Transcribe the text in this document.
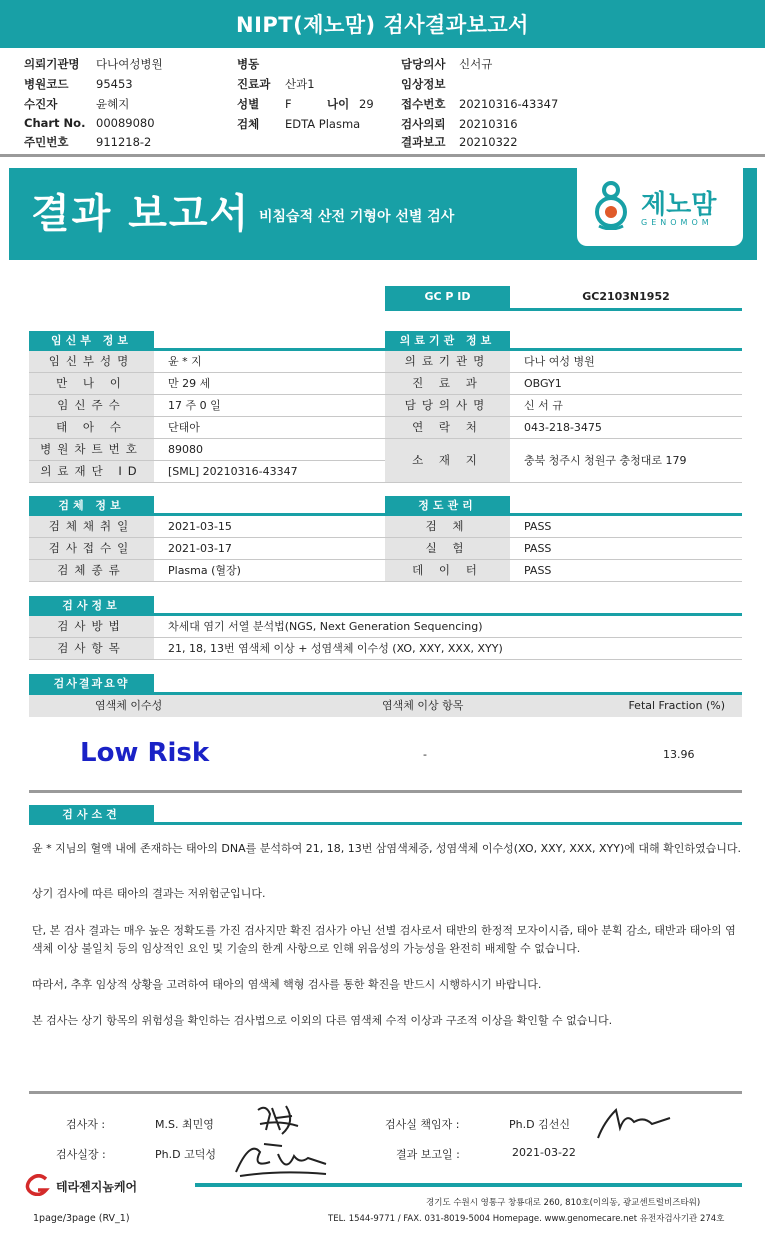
NIPT(제노맘) 검사결과보고서
의뢰기관명 다나여성병원
병원코드 95453
수진자	윤혜지
Chart No. 00089080
주민번호 911218-2
병동
진료과 산과1
성별 F	나이 29
검체 EDTA Plasma
담당의사 신서규
임상정보
접수번호 20210316-43347
검사의뢰 20210316
결과보고 20210322
결과 보고서 비침습적 산전 기형아 선별 검사	제노맘
GENOMOM
GC P ID	GC2103N1952
임신부 정보
임신부성명	윤 * 지
만 나 이	만 29 세
임신주수	17 주 0 일
태 아 수	단태아
병원차트번호	89080
의료재단 ID	[SML] 20210316-43347
의료기관 정보
의료기관명	다나 여성 병원
진 료 과	OBGY1
담당의사명	신 서 규
연 락 처	043-218-3475
소 재 지	충북 청주시 청원구 충청대로 179
검체 정보
검체채취일	2021-03-15
검사접수일	2021-03-17
검체종류	Plasma (혈장)
정도관리
검 체	PASS
실 험	PASS
데 이 터	PASS
검사정보
검사방법	차세대 염기 서열 분석법(NGS, Next Generation Sequencing)
검사항목	21, 18, 13번 염색체 이상 + 성염색체 이수성 (XO, XXY, XXX, XYY)
검사결과요약
염색체 이수성	염색체 이상 항목	Fetal Fraction (%)
Low Risk	-	13.96
검사소견
윤 * 지님의 혈액 내에 존재하는 태아의 DNA를 분석하여 21, 18, 13번 삼염색체증, 성염색체 이수성(XO, XXY, XXX, XYY)에 대해 확인하였습니다.
상기 검사에 따른 태아의 결과는 저위험군입니다.
단, 본 검사 결과는 매우 높은 정확도를 가진 검사지만 확진 검사가 아닌 선별 검사로서 태반의 한정적 모자이시즘, 태아 분획 감소, 태반과 태아의 염색체 이상 불일치 등의 임상적인 요인 및 기술의 한계 사항으로 인해 위음성의 가능성을 완전히 배제할 수 없습니다.
따라서, 추후 임상적 상황을 고려하여 태아의 염색체 핵형 검사를 통한 확진을 반드시 시행하시기 바랍니다.
본 검사는 상기 항목의 위험성을 확인하는 검사법으로 이외의 다른 염색체 수적 이상과 구조적 이상을 확인할 수 없습니다.
검사자 :	M.S. 최민영	검사실 책임자 :	Ph.D 김선신
검사실장 :	Ph.D 고덕성	결과 보고일 :	2021-03-22
테라젠지놈케어
경기도 수원시 영통구 창룡대로 260, 810호(이의동, 광교센트럴비즈타워)
TEL. 1544-9771 / FAX. 031-8019-5004 Homepage. www.genomecare.net 유전자검사기관 274호
1page/3page (RV_1)
